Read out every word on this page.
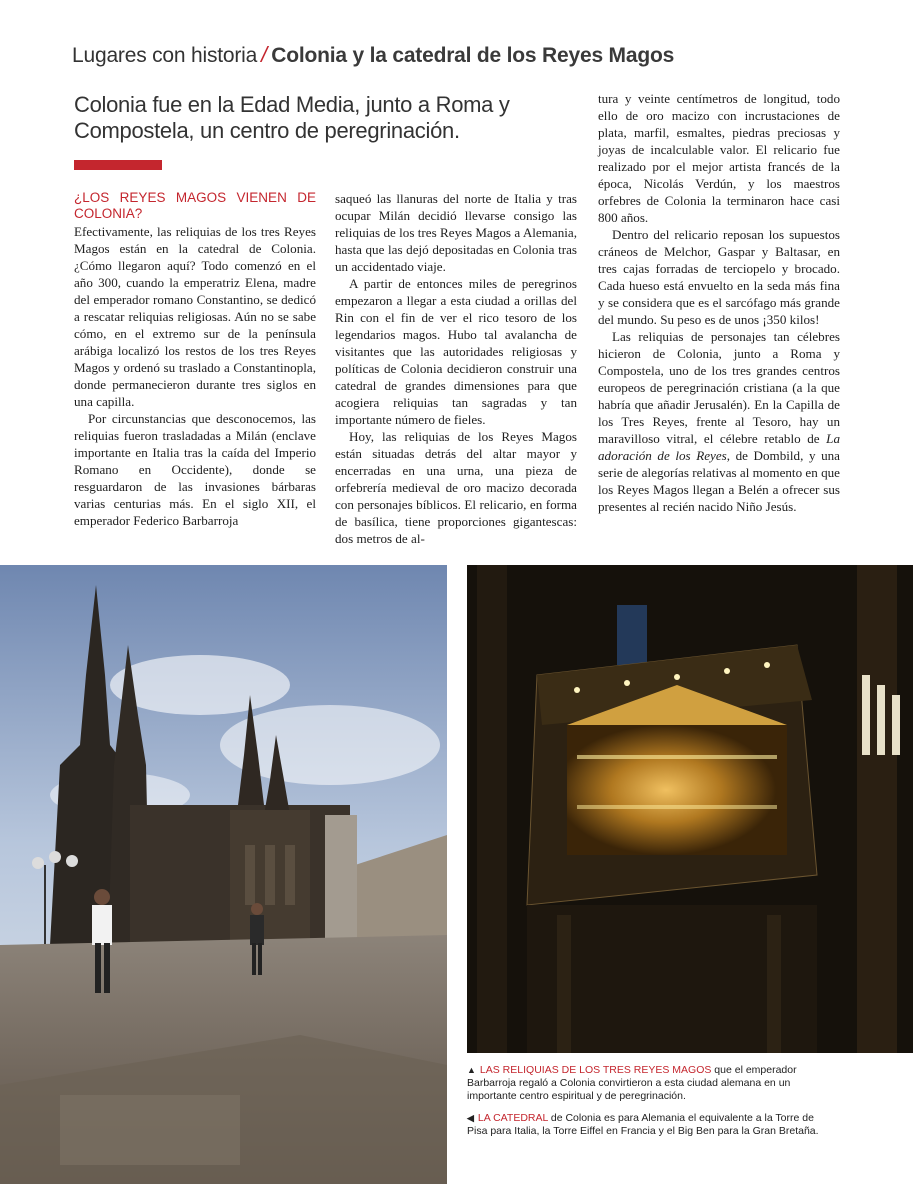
Lugares con historia / Colonia y la catedral de los Reyes Magos
Colonia fue en la Edad Media, junto a Roma y Compostela, un centro de peregrinación.
¿LOS REYES MAGOS VIENEN DE COLONIA?

Efectivamente, las reliquias de los tres Reyes Magos están en la catedral de Colonia. ¿Cómo llegaron aquí? Todo comenzó en el año 300, cuando la emperatriz Elena, madre del emperador romano Constantino, se dedicó a rescatar reliquias religiosas. Aún no se sabe cómo, en el extremo sur de la península arábiga localizó los restos de los tres Reyes Magos y ordenó su traslado a Constantinopla, donde permanecieron durante tres siglos en una capilla.

Por circunstancias que desconocemos, las reliquias fueron trasladadas a Milán (enclave importante en Italia tras la caída del Imperio Romano en Occidente), donde se resguardaron de las invasiones bárbaras varias centurias más. En el siglo XII, el emperador Federico Barbarroja

saqueó las llanuras del norte de Italia y tras ocupar Milán decidió llevarse consigo las reliquias de los tres Reyes Magos a Alemania, hasta que las dejó depositadas en Colonia tras un accidentado viaje.

A partir de entonces miles de peregrinos empezaron a llegar a esta ciudad a orillas del Rin con el fin de ver el rico tesoro de los legendarios magos. Hubo tal avalancha de visitantes que las autoridades religiosas y políticas de Colonia decidieron construir una catedral de grandes dimensiones para que acogiera reliquias tan sagradas y tan importante número de fieles.

Hoy, las reliquias de los Reyes Magos están situadas detrás del altar mayor y encerradas en una urna, una pieza de orfebrería medieval de oro macizo decorada con personajes bíblicos. El relicario, en forma de basílica, tiene proporciones gigantescas: dos metros de al-

tura y veinte centímetros de longitud, todo ello de oro macizo con incrustaciones de plata, marfil, esmaltes, piedras preciosas y joyas de incalculable valor. El relicario fue realizado por el mejor artista francés de la época, Nicolás Verdún, y los maestros orfebres de Colonia la terminaron hace casi 800 años.

Dentro del relicario reposan los supuestos cráneos de Melchor, Gaspar y Baltasar, en tres cajas forradas de terciopelo y brocado. Cada hueso está envuelto en la seda más fina y se considera que es el sarcófago más grande del mundo. Su peso es de unos ¡350 kilos!

Las reliquias de personajes tan célebres hicieron de Colonia, junto a Roma y Compostela, uno de los tres grandes centros europeos de peregrinación cristiana (a la que habría que añadir Jerusalén). En la Capilla de los Tres Reyes, frente al Tesoro, hay un maravilloso vitral, el célebre retablo de La adoración de los Reyes, de Dombild, y una serie de alegorías relativas al momento en que los Reyes Magos llegan a Belén a ofrecer sus presentes al recién nacido Niño Jesús.

▲ LAS RELIQUIAS DE LOS TRES REYES MAGOS que el emperador Barbarroja regaló a Colonia convirtieron a esta ciudad alemana en un importante centro espiritual y de peregrinación.
◀ LA CATEDRAL de Colonia es para Alemania el equivalente a la Torre de Pisa para Italia, la Torre Eiffel en Francia y el Big Ben para la Gran Bretaña.
